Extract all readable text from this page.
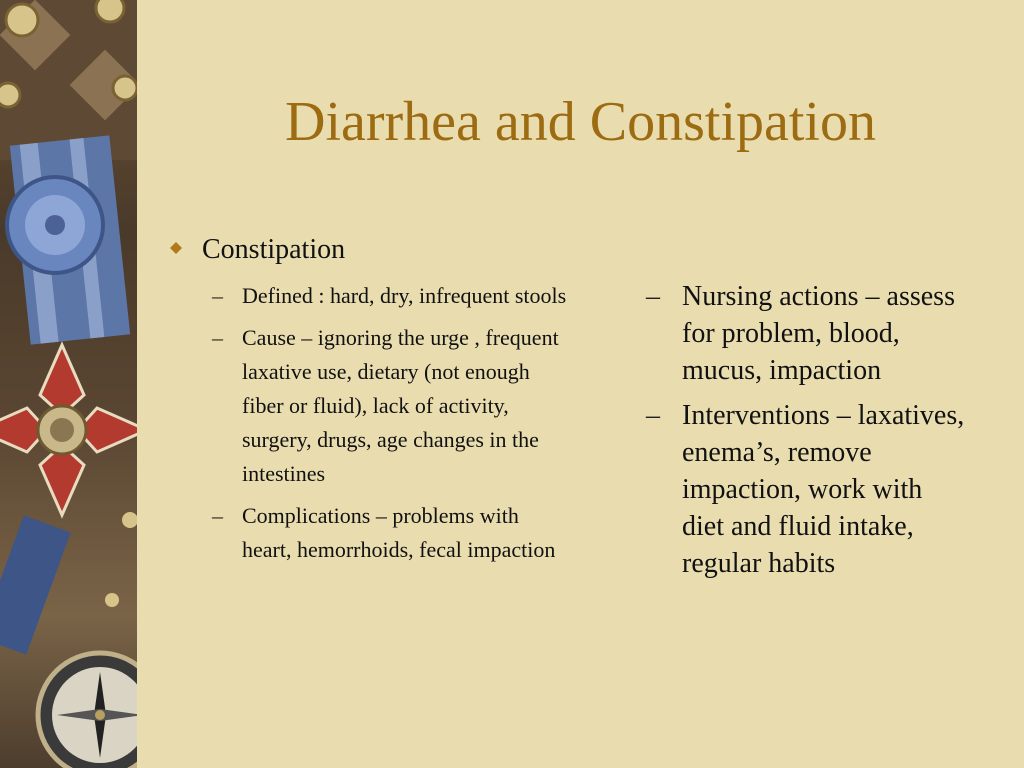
Diarrhea and Constipation
Constipation
– Defined : hard, dry, infrequent stools
– Cause – ignoring the urge , frequent laxative use, dietary (not enough fiber or fluid), lack of activity, surgery, drugs, age changes in the intestines
– Complications – problems with heart, hemorrhoids, fecal impaction
– Nursing actions – assess for problem, blood, mucus, impaction
– Interventions – laxatives, enema’s, remove impaction, work with diet and fluid intake, regular habits
